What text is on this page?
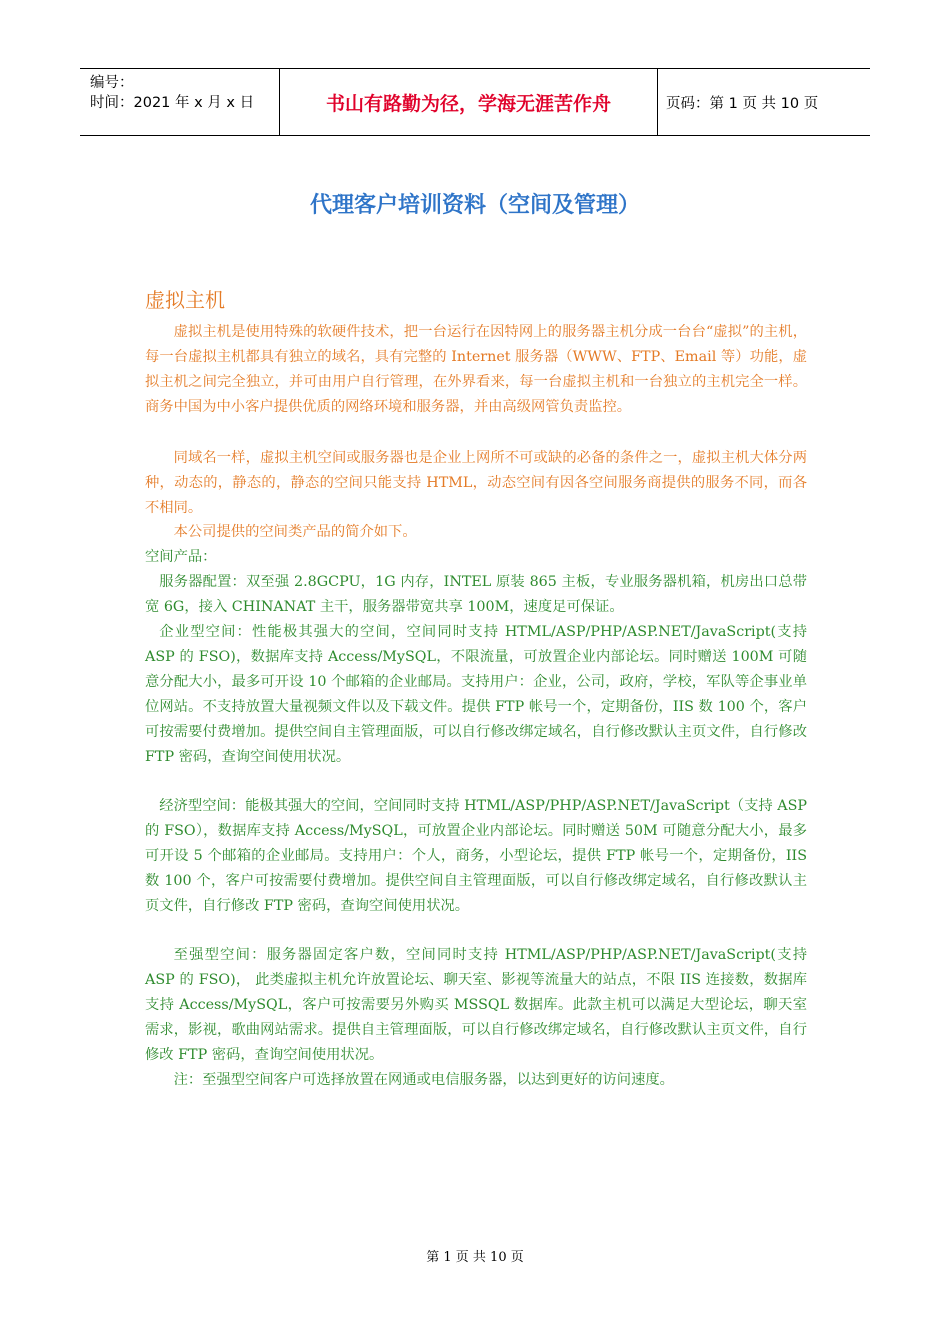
编号：
时间：2021 年 x 月 x 日	书山有路勤为径，学海无涯苦作舟	页码：第 1 页 共 10 页
代理客户培训资料（空间及管理）
虚拟主机

虚拟主机是使用特殊的软硬件技术，把一台运行在因特网上的服务器主机分成一台台“虚拟”的主机，每一台虚拟主机都具有独立的域名，具有完整的 Internet 服务器（WWW、FTP、Email 等）功能，虚拟主机之间完全独立，并可由用户自行管理，在外界看来，每一台虚拟主机和一台独立的主机完全一样。商务中国为中小客户提供优质的网络环境和服务器，并由高级网管负责监控。

同域名一样，虚拟主机空间或服务器也是企业上网所不可或缺的必备的条件之一，虚拟主机大体分两种，动态的，静态的，静态的空间只能支持 HTML，动态空间有因各空间服务商提供的服务不同，而各不相同。

本公司提供的空间类产品的简介如下。

空间产品：

服务器配置：双至强 2.8GCPU，1G 内存，INTEL 原装 865 主板，专业服务器机箱，机房出口总带宽 6G，接入 CHINANAT 主干，服务器带宽共享 100M，速度足可保证。

企业型空间：性能极其强大的空间，空间同时支持 HTML/ASP/PHP/ASP.NET/JavaScript(支持 ASP 的 FSO)，数据库支持 Access/MySQL，不限流量，可放置企业内部论坛。同时赠送 100M 可随意分配大小，最多可开设 10 个邮箱的企业邮局。支持用户：企业，公司，政府，学校，军队等企事业单位网站。不支持放置大量视频文件以及下载文件。提供 FTP 帐号一个，定期备份，IIS 数 100 个，客户可按需要付费增加。提供空间自主管理面版，可以自行修改绑定域名，自行修改默认主页文件，自行修改 FTP 密码，查询空间使用状况。

经济型空间：能极其强大的空间，空间同时支持 HTML/ASP/PHP/ASP.NET/JavaScript（支持 ASP 的 FSO），数据库支持 Access/MySQL，可放置企业内部论坛。同时赠送 50M 可随意分配大小，最多可开设 5 个邮箱的企业邮局。支持用户：个人，商务，小型论坛，提供 FTP 帐号一个，定期备份，IIS 数 100 个，客户可按需要付费增加。提供空间自主管理面版，可以自行修改绑定域名，自行修改默认主页文件，自行修改 FTP 密码，查询空间使用状况。

至强型空间：服务器固定客户数，空间同时支持 HTML/ASP/PHP/ASP.NET/JavaScript(支持 ASP 的 FSO)， 此类虚拟主机允许放置论坛、聊天室、影视等流量大的站点，不限 IIS 连接数，数据库支持 Access/MySQL，客户可按需要另外购买 MSSQL 数据库。此款主机可以满足大型论坛，聊天室需求，影视，歌曲网站需求。提供自主管理面版，可以自行修改绑定域名，自行修改默认主页文件，自行修改 FTP 密码，查询空间使用状况。

注：至强型空间客户可选择放置在网通或电信服务器，以达到更好的访问速度。

第 1 页 共 10 页
